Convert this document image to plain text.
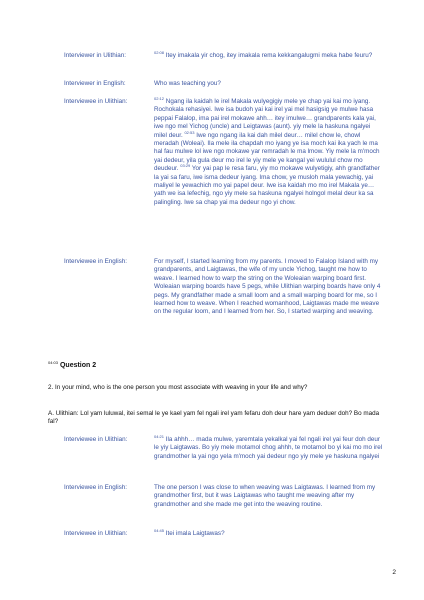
Interviewer in Ulithian:	$^{02:08}$ Itey imakala yir chog, itey imakala rema kekkangalugmi meka habe feuru?
Interviewer in English:	Who was teaching you?
Interviewee in Ulithian:	$^{02:12}$ Ngang ila kaidah le irel Makala wulyegigiy mele ye chap yai kai mo iyang. Rochokala rehasiyei. Iwe isa budoh yai kai irel yai mel hasigsig ye mulwe hasa peppai Falalop, ima pai irel mokawe ahh… itey imulwe… grandparents kala yai, iwe ngo mel Yichog (uncle) and Leigtawas (aunt). yiy mele la haskuna ngalyei milel deur. $^{02:53}$ Iwe ngo ngang ila kai dah milel deur… milel chow le, chowl meradah (Woleai). Ila mele ila chapdah mo iyang ye isa moch kai ika yach le ma hal fau mulwe lol iwe ngo mokawe yar remradah le ma lmow. Yiy mele la m'moch yai dedeur, yila gula deur mo irel le yiy mele ye kangal yei wululul chow mo deudeur. $^{03:29}$ Yor yai pap le resa faru, yiy mo mokawe wulyetigiy, ahh grandfather la yai sa faru, iwe isma dedeur iyang. Ima chow, ye musloh mala yewachig, yai maliyel le yewachich mo yai papel deur. Iwe isa kaidah mo mo irel Makala ye… yath we isa lefechig, ngo yiy mele sa haskuna ngalyei holngol melal deur ka sa palingling. Iwe sa chap yai ma dedeur ngo yi chow.
Interviewee in English:	For myself, I started learning from my parents. I moved to Falalop Island with my grandparents, and Laigtawas, the wife of my uncle Yichog, taught me how to weave. I learned how to warp the string on the Woleaian warping board first. Woleaian warping boards have 5 pegs, while Ulithian warping boards have only 4 pegs. My grandfather made a small loom and a small warping board for me, so I learned how to weave. When I reached womanhood, Laigtawas made me weave on the regular loom, and I learned from her. So, I started warping and weaving.
$^{04:03}$ Question 2
2. In your mind, who is the one person you most associate with weaving in your life and why?
A. Ulithian: Lol yam luluwal, itei semal le ye kael yam fel ngali irel yam fefaru doh deur hare yam deduer doh? Bo mada fal?
Interviewee in Ulithian:	$^{04:21}$ Ila ahhh… mada mulwe, yaremtala yekalkal yai fel ngali irel yai feur doh deur le yiy Laigtawas. Bo yiy mele motamol chog ahhh, te motamol bo yi kai mo mo irel grandmother la yai ngo yela m'moch yai dedeur ngo yiy mele ye haskuna ngalyei
Interviewee in English:	The one person I was close to when weaving was Laigtawas. I learned from my grandmother first, but it was Laigtawas who taught me weaving after my grandmother and she made me get into the weaving routine.
Interviewee in Ulithian:	$^{04:45}$ Itei imala Laigtawas?
2
